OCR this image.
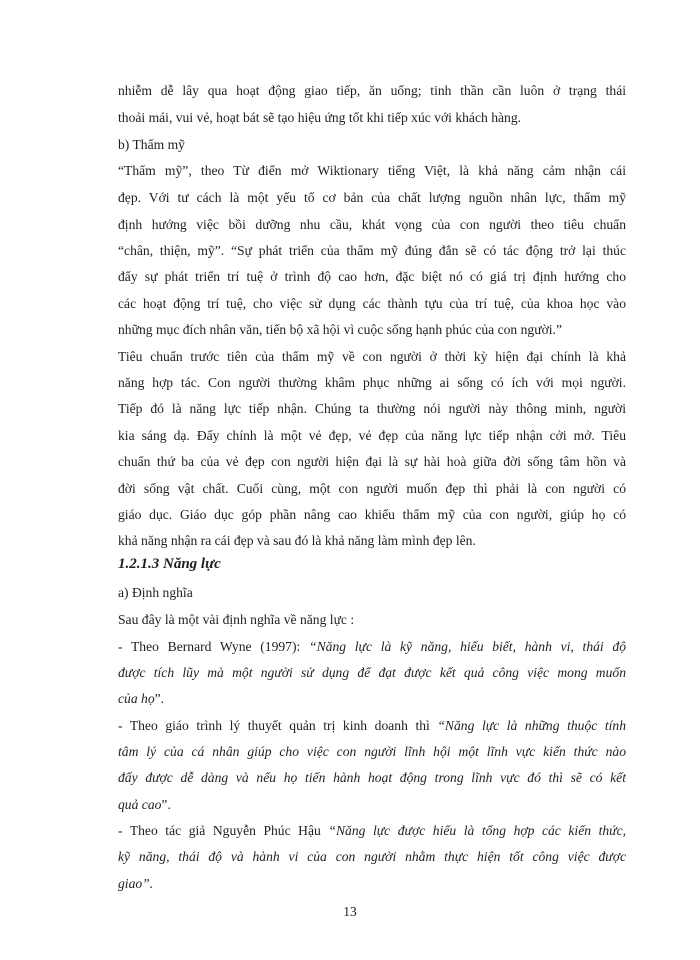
nhiễm dễ lây qua hoạt động giao tiếp, ăn uống; tinh thần cần luôn ở trạng thái
thoải mái, vui vẻ, hoạt bát sẽ tạo hiệu ứng tốt khi tiếp xúc với khách hàng.
b) Thẩm mỹ
“Thẩm mỹ”, theo Từ điển mở Wiktionary tiếng Việt, là khả năng cảm nhận cái
đẹp. Với tư cách là một yếu tố cơ bản của chất lượng nguồn nhân lực, thẩm mỹ
định hướng việc bồi dưỡng nhu cầu, khát vọng của con người theo tiêu chuẩn
“chân, thiện, mỹ”. “Sự phát triển của thẩm mỹ đúng đắn sẽ có tác động trở lại thúc
đẩy sự phát triển trí tuệ ở trình độ cao hơn, đặc biệt nó có giá trị định hướng cho
các hoạt động trí tuệ, cho việc sử dụng các thành tựu của trí tuệ, của khoa học vào
những mục đích nhân văn, tiến bộ xã hội vì cuộc sống hạnh phúc của con người.”
Tiêu chuẩn trước tiên của thẩm mỹ về con người ở thời kỳ hiện đại chính là khả
năng hợp tác. Con người thường khâm phục những ai sống có ích với mọi người.
Tiếp đó là năng lực tiếp nhận. Chúng ta thường nói người này thông minh, người
kia sáng dạ. Đấy chính là một vẻ đẹp, vẻ đẹp của năng lực tiếp nhận cởi mở. Tiêu
chuẩn thứ ba của vẻ đẹp con người hiện đại là sự hài hoà giữa đời sống tâm hồn và
đời sống vật chất. Cuối cùng, một con người muốn đẹp thì phải là con người có
giáo dục. Giáo dục góp phần nâng cao khiếu thẩm mỹ của con người, giúp họ có
khả năng nhận ra cái đẹp và sau đó là khả năng làm mình đẹp lên.
1.2.1.3 Năng lực
a) Định nghĩa
Sau đây là một vài định nghĩa về năng lực :
- Theo Bernard Wyne (1997): “Năng lực là kỹ năng, hiểu biết, hành vi, thái độ
được tích lũy mà một người sử dụng để đạt được kết quả công việc mong muốn
của họ”.
- Theo giáo trình lý thuyết quản trị kinh doanh thì “Năng lực là những thuộc tính
tâm lý của cá nhân giúp cho việc con người lĩnh hội một lĩnh vực kiến thức nào
đấy được dễ dàng và nếu họ tiến hành hoạt động trong lĩnh vực đó thì sẽ có kết
quả cao”.
- Theo tác giả Nguyễn Phúc Hậu “Năng lực được hiểu là tổng hợp các kiến thức,
kỹ năng, thái độ và hành vi của con người nhằm thực hiện tốt công việc được
giao”.
13
